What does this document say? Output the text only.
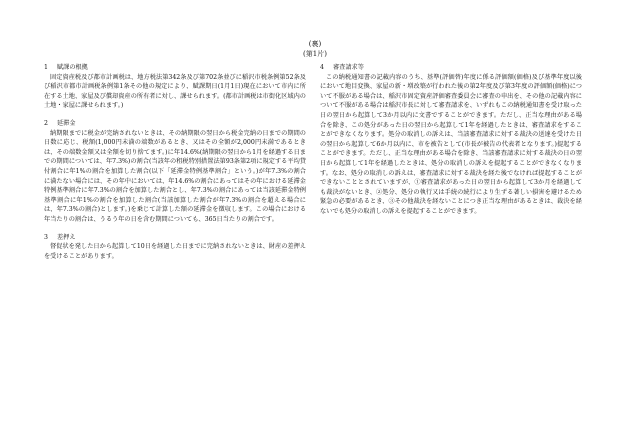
(裏)
(第1片)

1 賦課の根拠

固定資産税及び都市計画税は、地方税法第342条及び第702条並びに稲沢市税条例第52条及び稲沢市都市計画税条例第1条その他の規定により、賦課期日(1月1日)現在において市内に所在する土地、家屋及び償却資産の所有者に対し、課せられます。(都市計画税は市街化区域内の土地・家屋に課せられます。)

2 延滞金

納期限までに税金が完納されないときは、その納期限の翌日から税金完納の日までの期間の日数に応じ、税額(1,000円未満の端数があるとき、又はその全額が2,000円未満であるときは、その端数金額又は全額を切り捨てます。)に年14.6%(納期限の翌日から1月を経過する日までの期間については、年7.3%)の割合(当該年の租税特別措置法第93条第2項に規定する平均貸付割合に年1%の割合を加算した割合(以下「延滞金特例基準割合」という。)が年7.3%の割合に満たない場合には、その年中においては、年14.6%の割合にあってはその年における延滞金特例基準割合に年7.3%の割合を加算した割合とし、年7.3%の割合にあっては当該延滞金特例基準割合に年1%の割合を加算した割合(当該加算した割合が年7.3%の割合を超える場合には、年7.3%の割合)とします。)を乗じて計算した額の延滞金を徴収します。この場合における年当たりの割合は、うるう年の日を含む期間についても、365日当たりの割合です。

3 差押え

督促状を発した日から起算して10日を経過した日までに完納されないときは、財産の差押えを受けることがあります。

4 審査請求等

この納税通知書の記載内容のうち、基準(評価替)年度に係る評価額(価格)及び基準年度以後において地目変換、家屋の新・増改築が行われた後の第2年度及び第3年度の評価額(価格)について不服がある場合は、稲沢市固定資産評価審査委員会に審査の申出を、その他の記載内容について不服がある場合は稲沢市長に対して審査請求を、いずれもこの納税通知書を受け取った日の翌日から起算して3か月以内に文書ですることができます。ただし、正当な理由がある場合を除き、この処分があった日の翌日から起算して1年を経過したときは、審査請求をすることができなくなります。処分の取消しの訴えは、当該審査請求に対する裁決の送達を受けた日の翌日から起算して6か月以内に、市を被告として(市長が被告の代表者となります。)提起することができます。ただし、正当な理由がある場合を除き、当該審査請求に対する裁決の日の翌日から起算して1年を経過したときは、処分の取消しの訴えを提起することができなくなります。なお、処分の取消しの訴えは、審査請求に対する裁決を経た後でなければ提起することができないこととされていますが、①審査請求があった日の翌日から起算して3か月を経過しても裁決がないとき、②処分、処分の執行又は手続の続行により生ずる著しい損害を避けるため緊急の必要があるとき、③その他裁決を経ないことにつき正当な理由があるときは、裁決を経ないでも処分の取消しの訴えを提起することができます。
